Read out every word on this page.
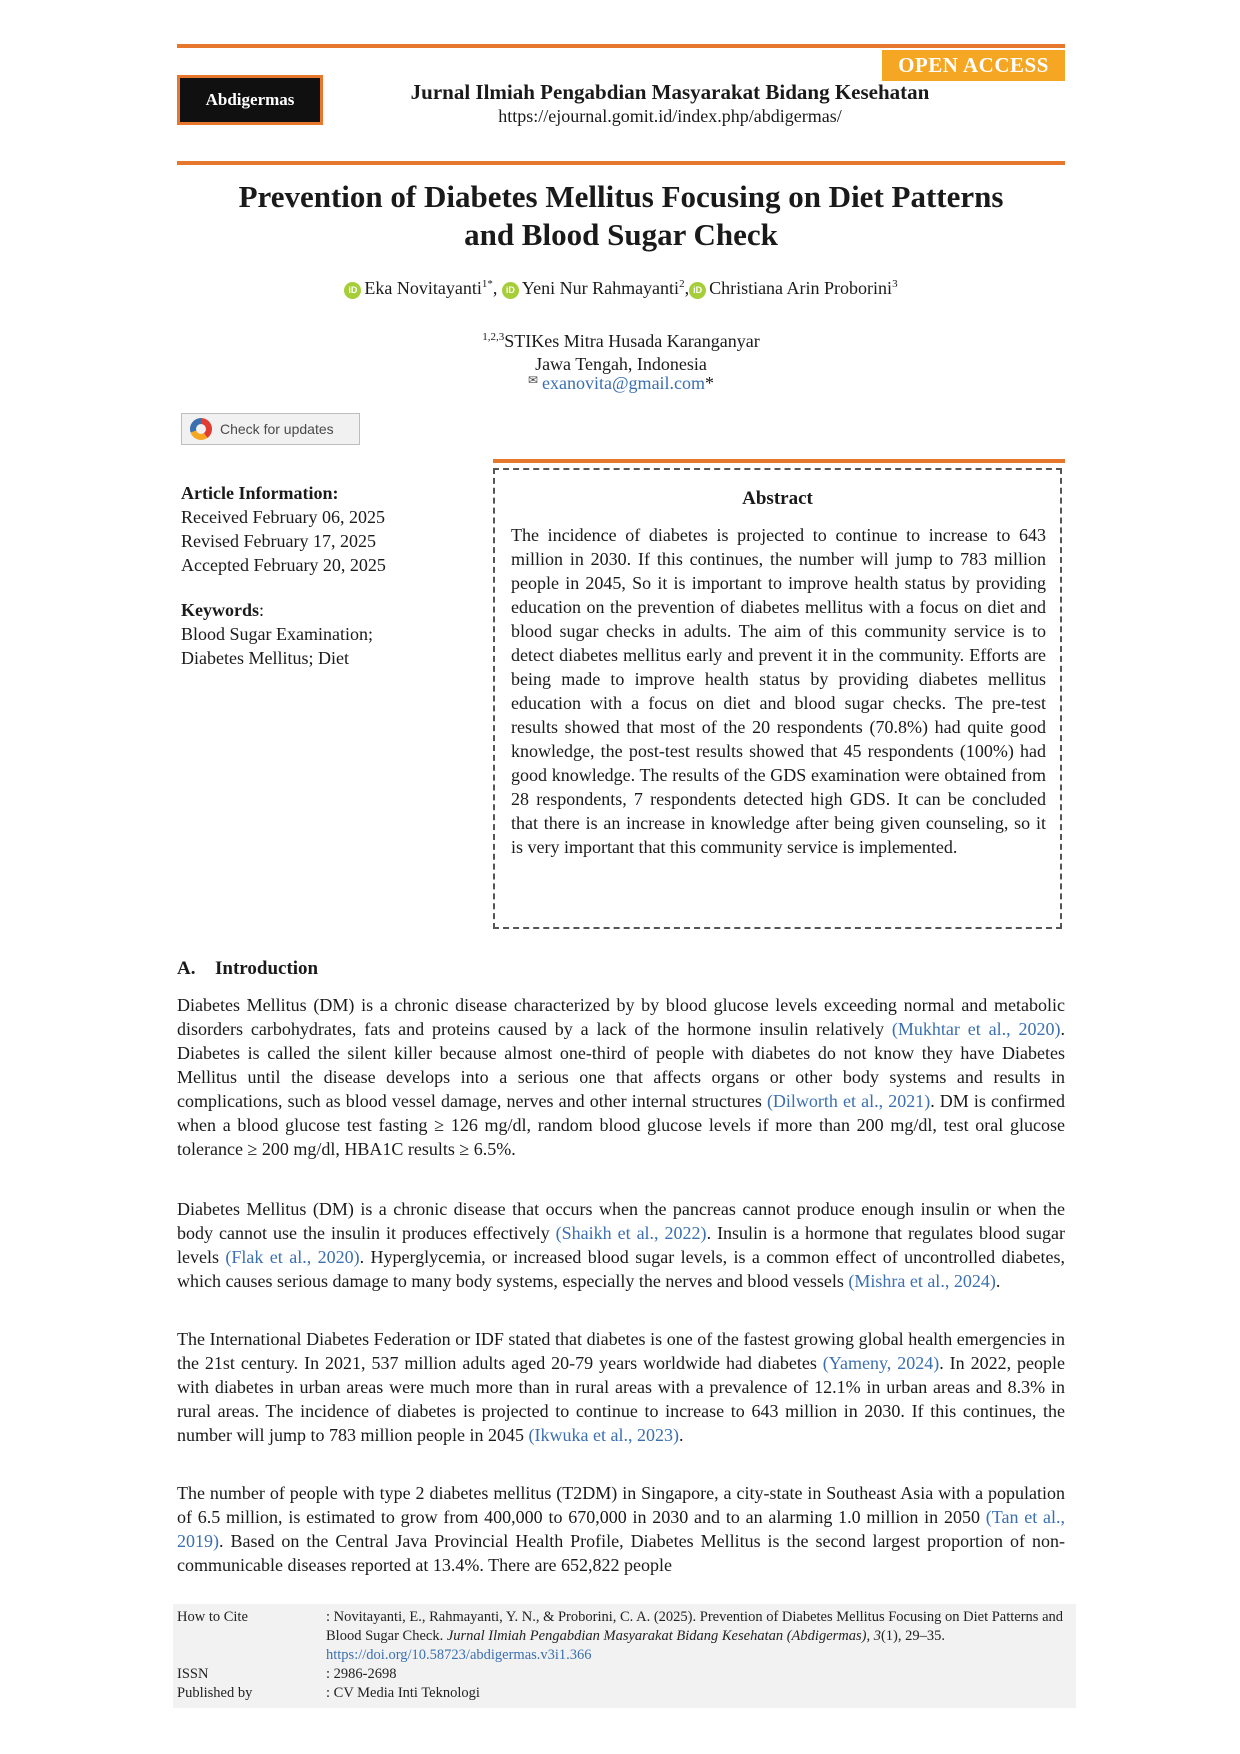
OPEN ACCESS
Abdigermas	Jurnal Ilmiah Pengabdian Masyarakat Bidang Kesehatan
https://ejournal.gomit.id/index.php/abdigermas/
Prevention of Diabetes Mellitus Focusing on Diet Patterns
and Blood Sugar Check
iD Eka Novitayanti$^{1*}$, iD Yeni Nur Rahmayanti$^2$, iD Christiana Arin Proborini$^3$
$^{1,2,3}$STIKes Mitra Husada Karanganyar
Jawa Tengah, Indonesia
✉ exanovita@gmail.com*
Check for updates
Article Information:
Received February 06, 2025
Revised February 17, 2025
Accepted February 20, 2025
Keywords:
Blood Sugar Examination;
Diabetes Mellitus; Diet
Abstract
The incidence of diabetes is projected to continue to increase to 643 million in 2030. If this continues, the number will jump to 783 million people in 2045, So it is important to improve health status by providing education on the prevention of diabetes mellitus with a focus on diet and blood sugar checks in adults. The aim of this community service is to detect diabetes mellitus early and prevent it in the community. Efforts are being made to improve health status by providing diabetes mellitus education with a focus on diet and blood sugar checks. The pre-test results showed that most of the 20 respondents (70.8%) had quite good knowledge, the post-test results showed that 45 respondents (100%) had good knowledge. The results of the GDS examination were obtained from 28 respondents, 7 respondents detected high GDS. It can be concluded that there is an increase in knowledge after being given counseling, so it is very important that this community service is implemented.
A. Introduction
Diabetes Mellitus (DM) is a chronic disease characterized by by blood glucose levels exceeding normal and metabolic disorders carbohydrates, fats and proteins caused by a lack of the hormone insulin relatively (Mukhtar et al., 2020). Diabetes is called the silent killer because almost one-third of people with diabetes do not know they have Diabetes Mellitus until the disease develops into a serious one that affects organs or other body systems and results in complications, such as blood vessel damage, nerves and other internal structures (Dilworth et al., 2021). DM is confirmed when a blood glucose test fasting ≥ 126 mg/dl, random blood glucose levels if more than 200 mg/dl, test oral glucose tolerance ≥ 200 mg/dl, HBA1C results ≥ 6.5%.
Diabetes Mellitus (DM) is a chronic disease that occurs when the pancreas cannot produce enough insulin or when the body cannot use the insulin it produces effectively (Shaikh et al., 2022). Insulin is a hormone that regulates blood sugar levels (Flak et al., 2020). Hyperglycemia, or increased blood sugar levels, is a common effect of uncontrolled diabetes, which causes serious damage to many body systems, especially the nerves and blood vessels (Mishra et al., 2024).
The International Diabetes Federation or IDF stated that diabetes is one of the fastest growing global health emergencies in the 21st century. In 2021, 537 million adults aged 20-79 years worldwide had diabetes (Yameny, 2024). In 2022, people with diabetes in urban areas were much more than in rural areas with a prevalence of 12.1% in urban areas and 8.3% in rural areas. The incidence of diabetes is projected to continue to increase to 643 million in 2030. If this continues, the number will jump to 783 million people in 2045 (Ikwuka et al., 2023).
The number of people with type 2 diabetes mellitus (T2DM) in Singapore, a city-state in Southeast Asia with a population of 6.5 million, is estimated to grow from 400,000 to 670,000 in 2030 and to an alarming 1.0 million in 2050 (Tan et al., 2019). Based on the Central Java Provincial Health Profile, Diabetes Mellitus is the second largest proportion of non-communicable diseases reported at 13.4%. There are 652,822 people
How to Cite	: Novitayanti, E., Rahmayanti, Y. N., & Proborini, C. A. (2025). Prevention of Diabetes Mellitus Focusing on Diet Patterns and Blood Sugar Check. Jurnal Ilmiah Pengabdian Masyarakat Bidang Kesehatan (Abdigermas), 3(1), 29–35. https://doi.org/10.58723/abdigermas.v3i1.366
ISSN	: 2986-2698
Published by	: CV Media Inti Teknologi
